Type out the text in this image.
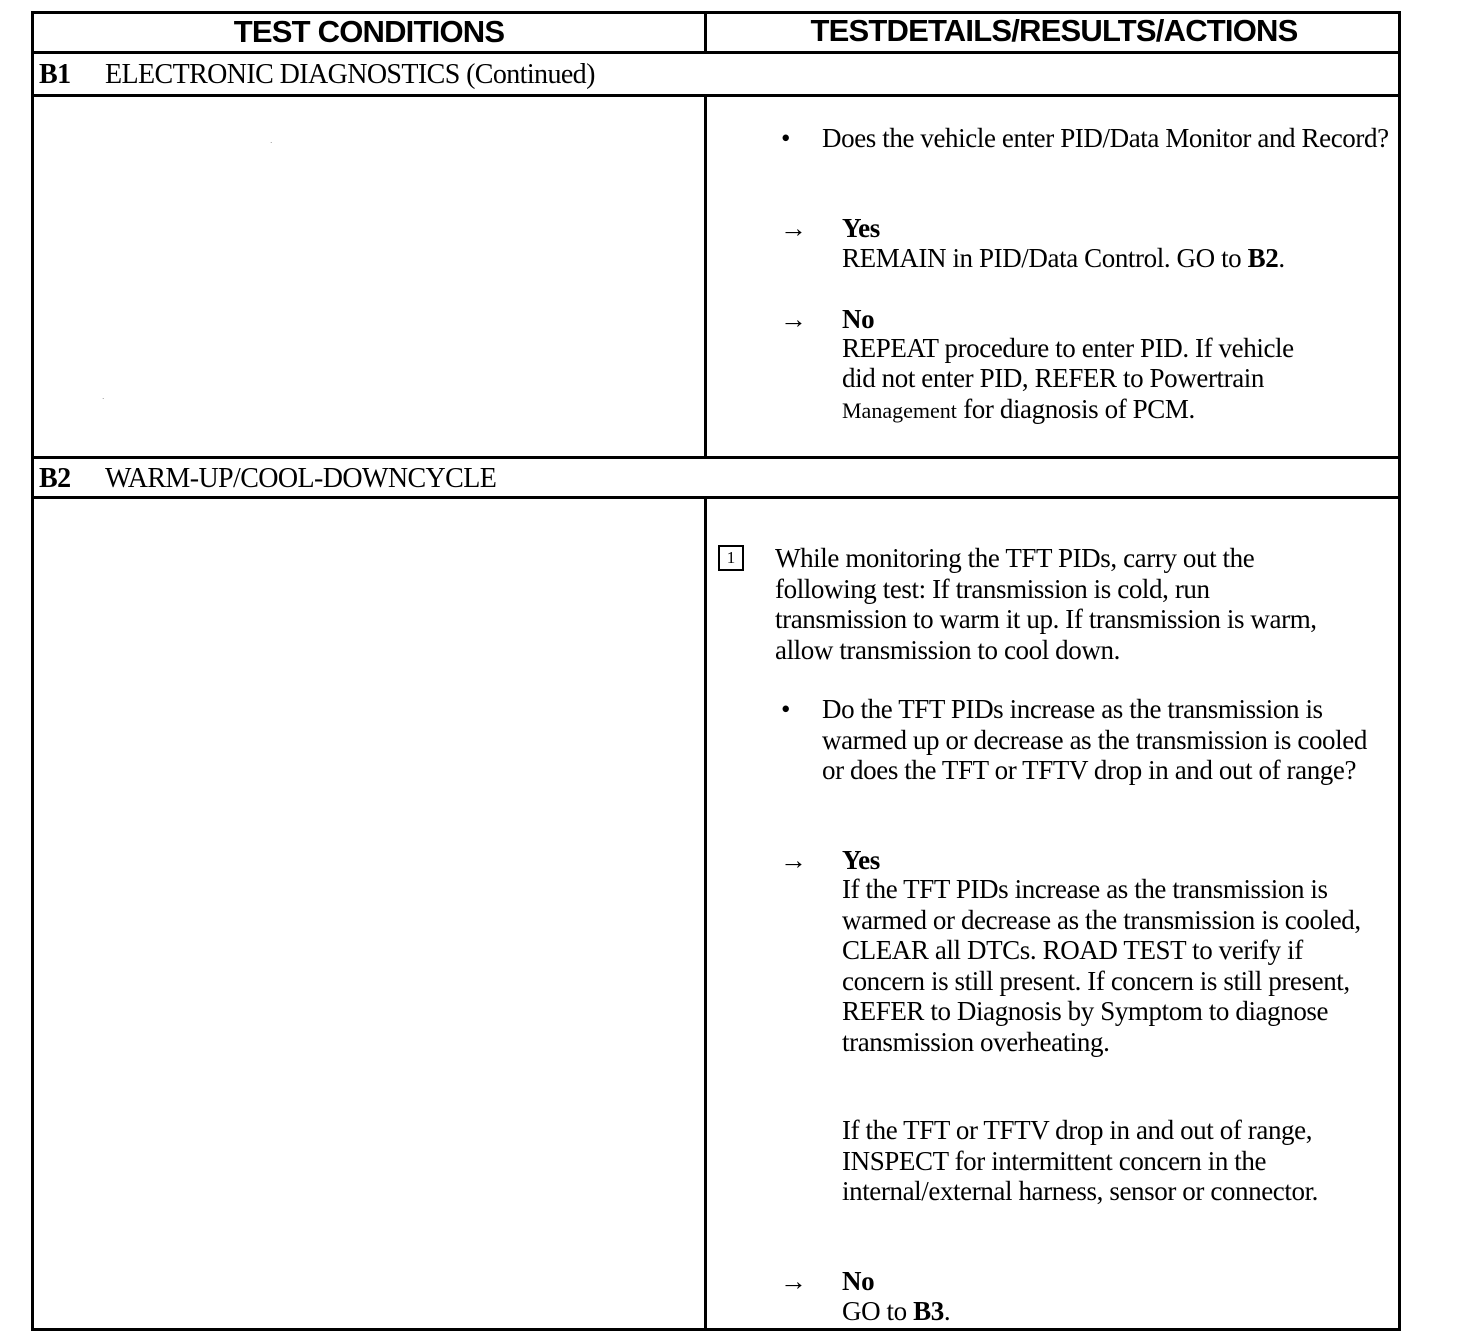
TEST CONDITIONS	TESTDETAILS/RESULTS/ACTIONS
B1 ELECTRONIC DIAGNOSTICS (Continued)
·
·
• Does the vehicle enter PID/Data Monitor and Record?
→ Yes
REMAIN in PID/Data Control. GO to B2.
→ No
REPEAT procedure to enter PID. If vehicle
did not enter PID, REFER to Powertrain
Management for diagnosis of PCM.
B2 WARM-UP/COOL-DOWNCYCLE
1	While monitoring the TFT PIDs, carry out the following test: If transmission is cold, run transmission to warm it up. If transmission is warm, allow transmission to cool down.
• Do the TFT PIDs increase as the transmission is warmed up or decrease as the transmission is cooled or does the TFT or TFTV drop in and out of range?
→ Yes
If the TFT PIDs increase as the transmission is warmed or decrease as the transmission is cooled, CLEAR all DTCs. ROAD TEST to verify if concern is still present. If concern is still present, REFER to Diagnosis by Symptom to diagnose transmission overheating.
If the TFT or TFTV drop in and out of range, INSPECT for intermittent concern in the internal/external harness, sensor or connector.
→ No
GO to B3.
